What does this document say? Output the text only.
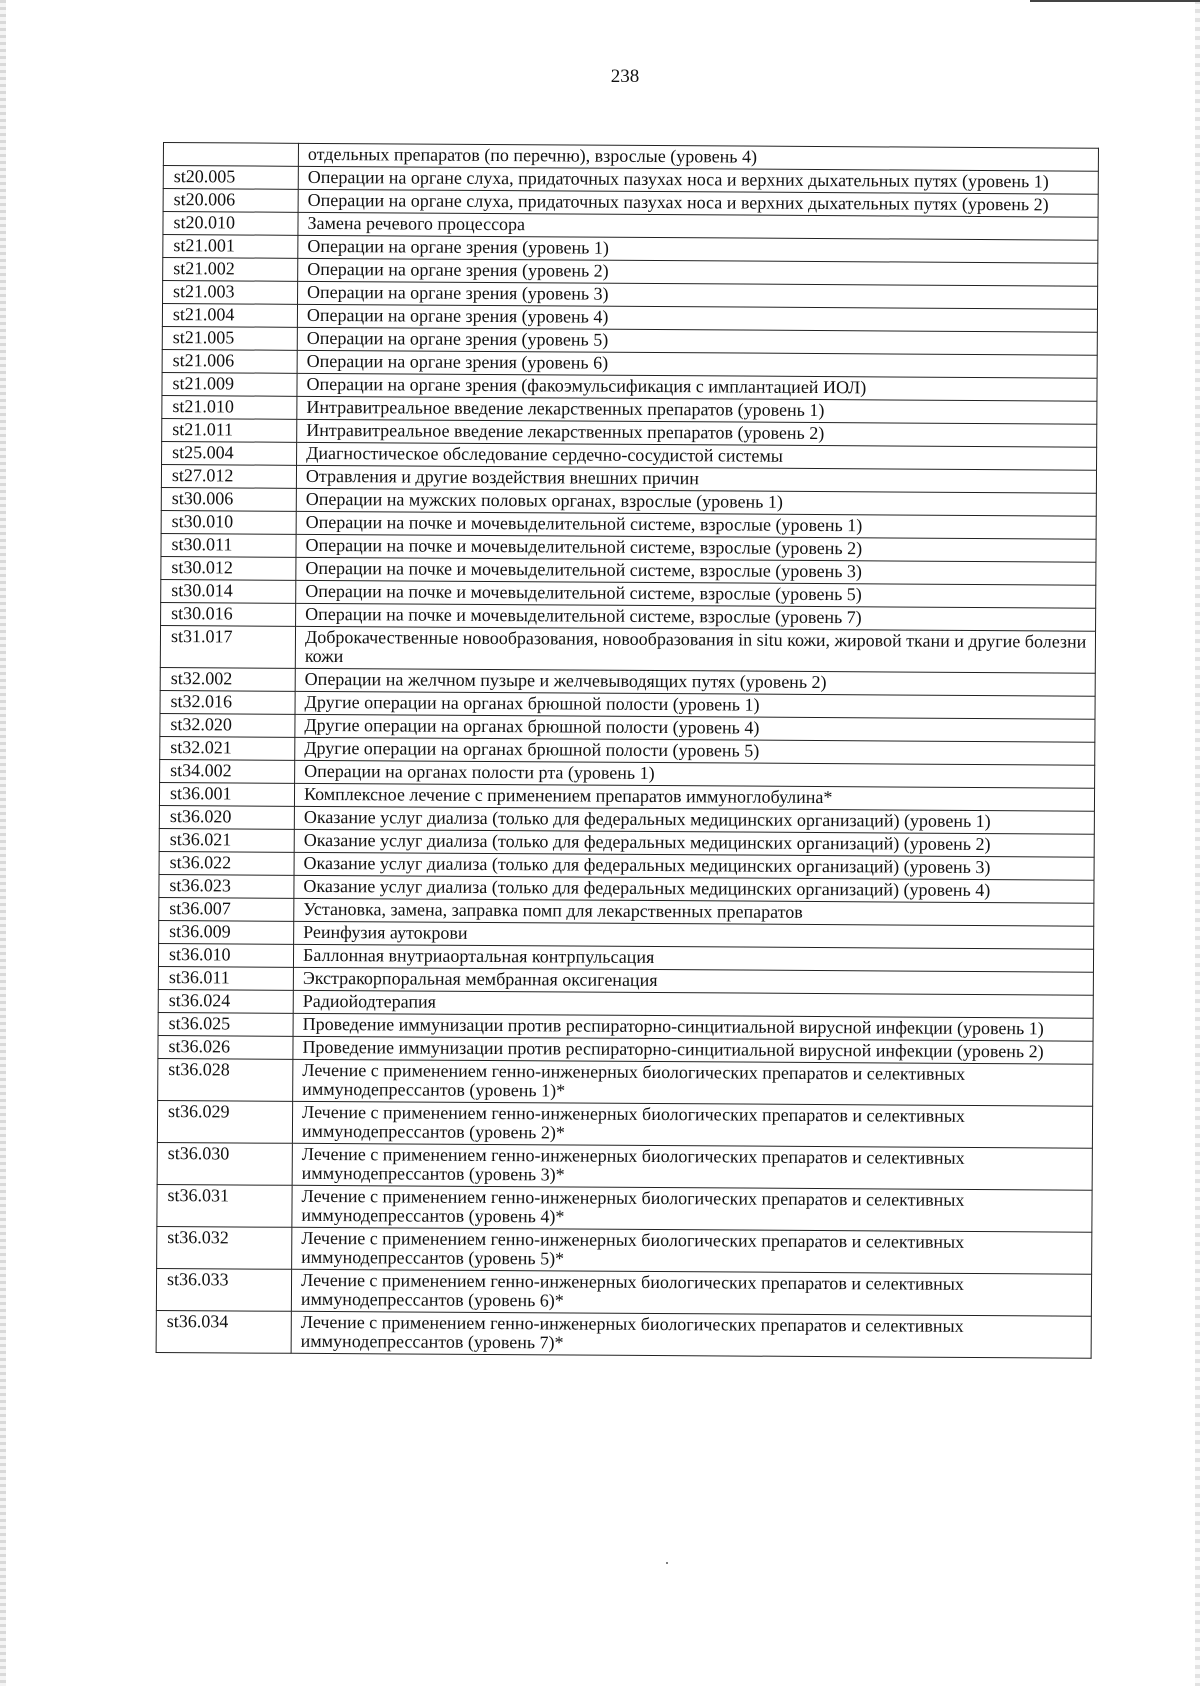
238
	отдельных препаратов (по перечню), взрослые (уровень 4)
st20.005	Операции на органе слуха, придаточных пазухах носа и верхних дыхательных путях (уровень 1)
st20.006	Операции на органе слуха, придаточных пазухах носа и верхних дыхательных путях (уровень 2)
st20.010	Замена речевого процессора
st21.001	Операции на органе зрения (уровень 1)
st21.002	Операции на органе зрения (уровень 2)
st21.003	Операции на органе зрения (уровень 3)
st21.004	Операции на органе зрения (уровень 4)
st21.005	Операции на органе зрения (уровень 5)
st21.006	Операции на органе зрения (уровень 6)
st21.009	Операции на органе зрения (факоэмульсификация с имплантацией ИОЛ)
st21.010	Интравитреальное введение лекарственных препаратов (уровень 1)
st21.011	Интравитреальное введение лекарственных препаратов (уровень 2)
st25.004	Диагностическое обследование сердечно-сосудистой системы
st27.012	Отравления и другие воздействия внешних причин
st30.006	Операции на мужских половых органах, взрослые (уровень 1)
st30.010	Операции на почке и мочевыделительной системе, взрослые (уровень 1)
st30.011	Операции на почке и мочевыделительной системе, взрослые (уровень 2)
st30.012	Операции на почке и мочевыделительной системе, взрослые (уровень 3)
st30.014	Операции на почке и мочевыделительной системе, взрослые (уровень 5)
st30.016	Операции на почке и мочевыделительной системе, взрослые (уровень 7)
st31.017	Доброкачественные новообразования, новообразования in situ кожи, жировой ткани и другие болезни кожи
st32.002	Операции на желчном пузыре и желчевыводящих путях (уровень 2)
st32.016	Другие операции на органах брюшной полости (уровень 1)
st32.020	Другие операции на органах брюшной полости (уровень 4)
st32.021	Другие операции на органах брюшной полости (уровень 5)
st34.002	Операции на органах полости рта (уровень 1)
st36.001	Комплексное лечение с применением препаратов иммуноглобулина*
st36.020	Оказание услуг диализа (только для федеральных медицинских организаций) (уровень 1)
st36.021	Оказание услуг диализа (только для федеральных медицинских организаций) (уровень 2)
st36.022	Оказание услуг диализа (только для федеральных медицинских организаций) (уровень 3)
st36.023	Оказание услуг диализа (только для федеральных медицинских организаций) (уровень 4)
st36.007	Установка, замена, заправка помп для лекарственных препаратов
st36.009	Реинфузия аутокрови
st36.010	Баллонная внутриаортальная контрпульсация
st36.011	Экстракорпоральная мембранная оксигенация
st36.024	Радиойодтерапия
st36.025	Проведение иммунизации против респираторно-синцитиальной вирусной инфекции (уровень 1)
st36.026	Проведение иммунизации против респираторно-синцитиальной вирусной инфекции (уровень 2)
st36.028	Лечение с применением генно-инженерных биологических препаратов и селективных иммунодепрессантов (уровень 1)*
st36.029	Лечение с применением генно-инженерных биологических препаратов и селективных иммунодепрессантов (уровень 2)*
st36.030	Лечение с применением генно-инженерных биологических препаратов и селективных иммунодепрессантов (уровень 3)*
st36.031	Лечение с применением генно-инженерных биологических препаратов и селективных иммунодепрессантов (уровень 4)*
st36.032	Лечение с применением генно-инженерных биологических препаратов и селективных иммунодепрессантов (уровень 5)*
st36.033	Лечение с применением генно-инженерных биологических препаратов и селективных иммунодепрессантов (уровень 6)*
st36.034	Лечение с применением генно-инженерных биологических препаратов и селективных иммунодепрессантов (уровень 7)*
